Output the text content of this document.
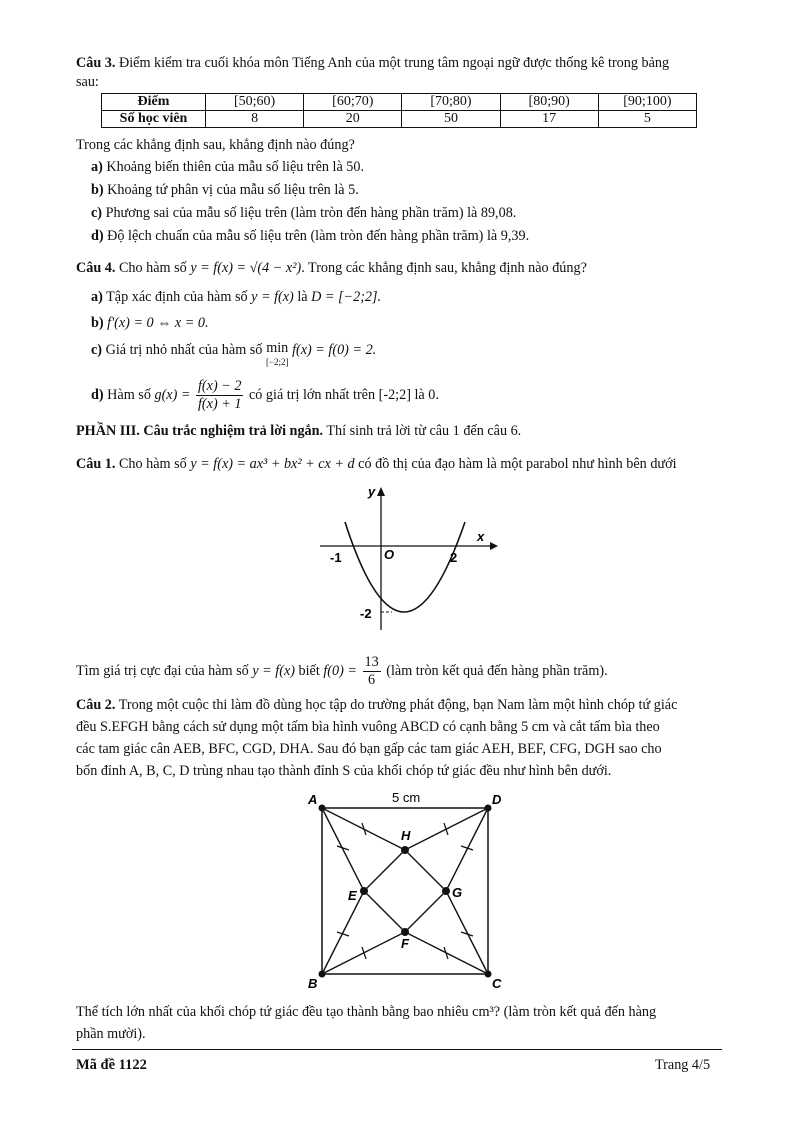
Câu 3. Điểm kiểm tra cuối khóa môn Tiếng Anh của một trung tâm ngoại ngữ được thống kê trong bảng
sau:
Điểm	[50;60)	[60;70)	[70;80)	[80;90)	[90;100)
Số học viên	8	20	50	17	5
Trong các khẳng định sau, khẳng định nào đúng?
a) Khoảng biến thiên của mẫu số liệu trên là 50.
b) Khoảng tứ phân vị của mẫu số liệu trên là 5.
c) Phương sai của mẫu số liệu trên (làm tròn đến hàng phần trăm) là 89,08.
d) Độ lệch chuẩn của mẫu số liệu trên (làm tròn đến hàng phần trăm) là 9,39.
Câu 4. Cho hàm số y = f(x) = √(4 − x²). Trong các khẳng định sau, khẳng định nào đúng?
a) Tập xác định của hàm số y = f(x) là D = [−2;2].
b) f'(x) = 0 ⇔ x = 0.
c) Giá trị nhỏ nhất của hàm số min
[−2;2]
f(x) = f(0) = 2.
d) Hàm số $g(x) = \frac{f(x) - 2}{f(x) + 1}$ có giá trị lớn nhất trên [-2;2] là 0.
PHẦN III. Câu trắc nghiệm trả lời ngắn. Thí sinh trả lời từ câu 1 đến câu 6.
Câu 1. Cho hàm số y = f(x) = ax³ + bx² + cx + d có đồ thị của đạo hàm là một parabol như hình bên dưới
y
x
O
-1	2
-2
Tìm giá trị cực đại của hàm số y = f(x) biết $f(0) = \frac{13}{6}$ (làm tròn kết quả đến hàng phần trăm).
Câu 2. Trong một cuộc thi làm đồ dùng học tập do trường phát động, bạn Nam làm một hình chóp tứ giác
đều S.EFGH bằng cách sử dụng một tấm bìa hình vuông ABCD có cạnh bằng 5 cm và cắt tấm bìa theo
các tam giác cân AEB, BFC, CGD, DHA. Sau đó bạn gấp các tam giác AEH, BEF, CFG, DGH sao cho
bốn đỉnh A, B, C, D trùng nhau tạo thành đỉnh S của khối chóp tứ giác đều như hình bên dưới.
A	D
B	C
H
E
F
G
5 cm
Thể tích lớn nhất của khối chóp tứ giác đều tạo thành bằng bao nhiêu cm³? (làm tròn kết quả đến hàng
phần mười).
Mã đề 1122	Trang 4/5
